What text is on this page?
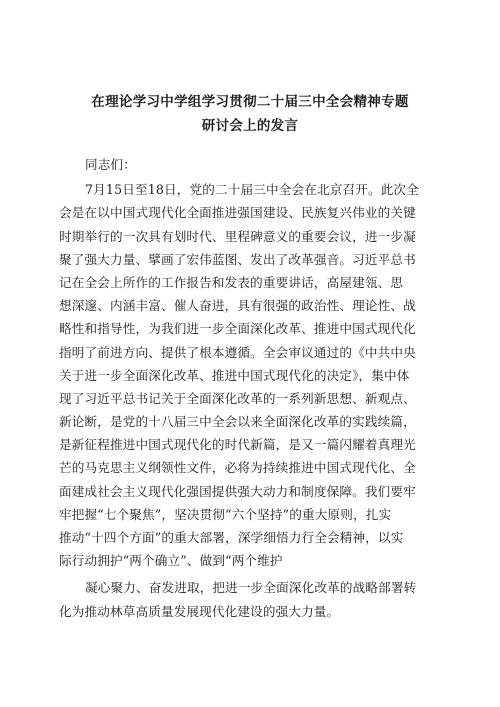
在理论学习中学组学习贯彻二十届三中全会精神专题
研讨会上的发言
同志们：
7月15日至18日，党的二十届三中全会在北京召开。此次全
会是在以中国式现代化全面推进强国建设、民族复兴伟业的关键
时期举行的一次具有划时代、里程碑意义的重要会议，进一步凝
聚了强大力量、擘画了宏伟蓝图、发出了改革强音。习近平总书
记在全会上所作的工作报告和发表的重要讲话，高屋建瓴、思
想深邃、内涵丰富、催人奋进，具有很强的政治性、理论性、战
略性和指导性，为我们进一步全面深化改革、推进中国式现代化
指明了前进方向、提供了根本遵循。全会审议通过的《中共中央
关于进一步全面深化改革、推进中国式现代化的决定》，集中体
现了习近平总书记关于全面深化改革的一系列新思想、新观点、
新论断，是党的十八届三中全会以来全面深化改革的实践续篇，
是新征程推进中国式现代化的时代新篇，是又一篇闪耀着真理光
芒的马克思主义纲领性文件，必将为持续推进中国式现代化、全
面建成社会主义现代化强国提供强大动力和制度保障。我们要牢
牢把握“七个聚焦”，坚决贯彻“六个坚持”的重大原则，扎实
推动“十四个方面”的重大部署，深学细悟力行全会精神，以实
际行动拥护“两个确立”、做到“两个维护
凝心聚力、奋发进取，把进一步全面深化改革的战略部署转
化为推动林草高质量发展现代化建设的强大力量。
